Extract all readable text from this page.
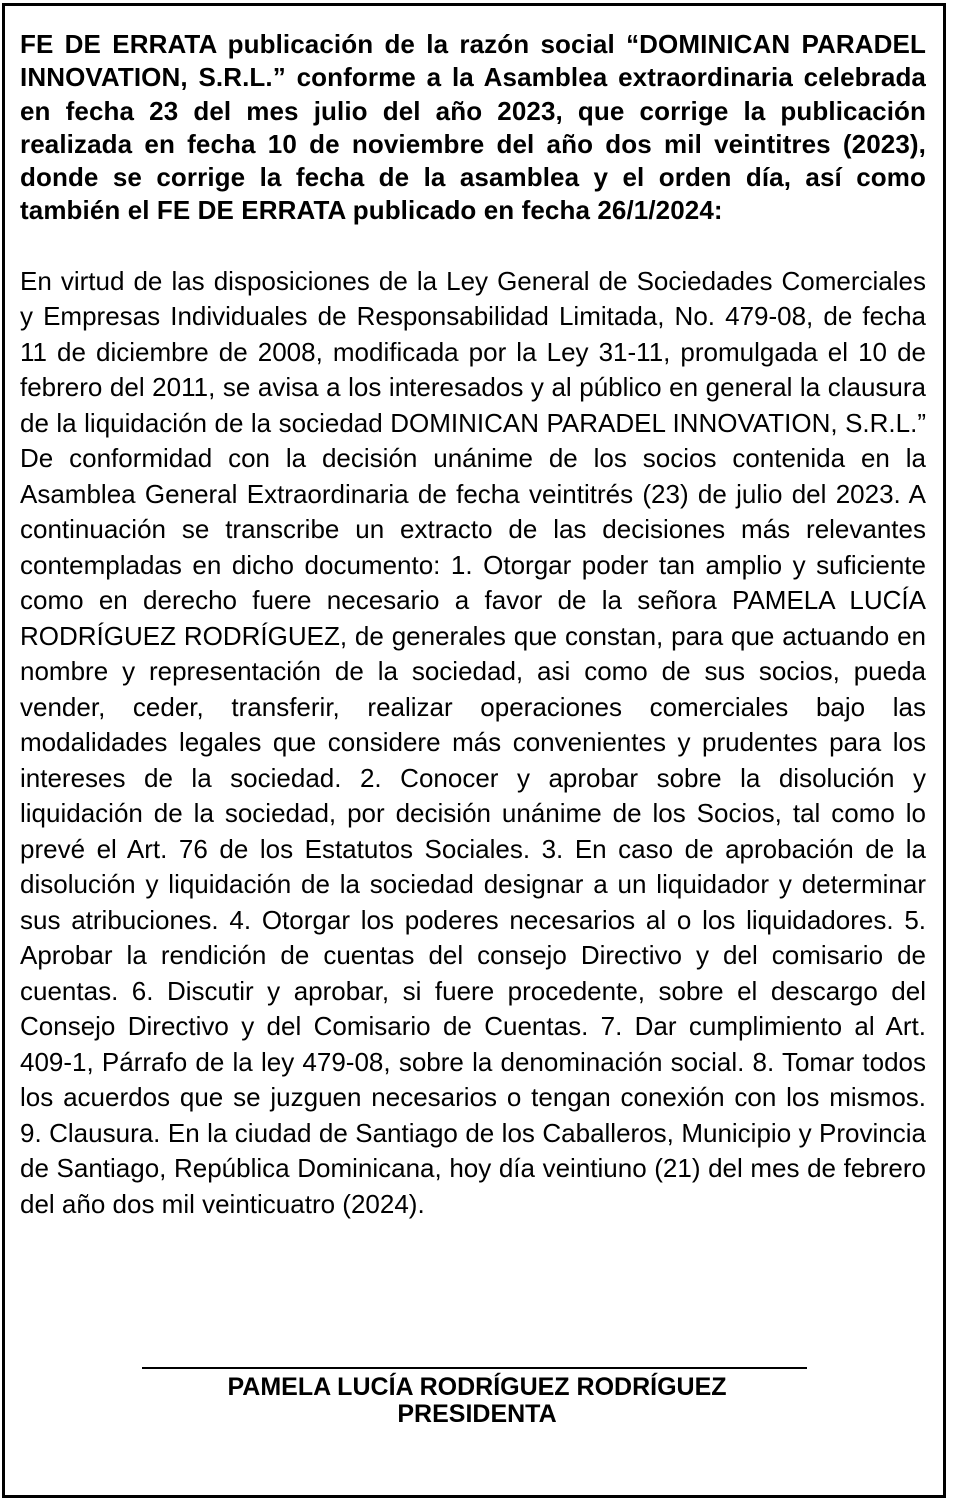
FE DE ERRATA publicación de la razón social “DOMINICAN PARADEL INNOVATION, S.R.L.” conforme a la Asamblea extraordinaria celebrada en fecha 23 del mes julio del año 2023, que corrige la publicación realizada en fecha 10 de noviembre del año dos mil veintitres (2023), donde se corrige la fecha de la asamblea y el orden día, así como también el FE DE ERRATA publicado en fecha 26/1/2024:

En virtud de las disposiciones de la Ley General de Sociedades Comerciales y Empresas Individuales de Responsabilidad Limitada, No. 479-08, de fecha 11 de diciembre de 2008, modificada por la Ley 31-11, promulgada el 10 de febrero del 2011, se avisa a los interesados y al público en general la clausura de la liquidación de la sociedad DOMINICAN PARADEL INNOVATION, S.R.L.” De conformidad con la decisión unánime de los socios contenida en la Asamblea General Extraordinaria de fecha veintitrés (23) de julio del 2023. A continuación se transcribe un extracto de las decisiones más relevantes contempladas en dicho documento: 1. Otorgar poder tan amplio y suficiente como en derecho fuere necesario a favor de la señora PAMELA LUCÍA RODRÍGUEZ RODRÍGUEZ, de generales que constan, para que actuando en nombre y representación de la sociedad, asi como de sus socios, pueda vender, ceder, transferir, realizar operaciones comerciales bajo las modalidades legales que considere más convenientes y prudentes para los intereses de la sociedad. 2. Conocer y aprobar sobre la disolución y liquidación de la sociedad, por decisión unánime de los Socios, tal como lo prevé el Art. 76 de los Estatutos Sociales. 3. En caso de aprobación de la disolución y liquidación de la sociedad designar a un liquidador y determinar sus atribuciones. 4. Otorgar los poderes necesarios al o los liquidadores. 5. Aprobar la rendición de cuentas del consejo Directivo y del comisario de cuentas. 6. Discutir y aprobar, si fuere procedente, sobre el descargo del Consejo Directivo y del Comisario de Cuentas. 7. Dar cumplimiento al Art. 409-1, Párrafo de la ley 479-08, sobre la denominación social. 8. Tomar todos los acuerdos que se juzguen necesarios o tengan conexión con los mismos. 9. Clausura. En la ciudad de Santiago de los Caballeros, Municipio y Provincia de Santiago, República Dominicana, hoy día veintiuno (21) del mes de febrero del año dos mil veinticuatro (2024).

PAMELA LUCÍA RODRÍGUEZ RODRÍGUEZ
PRESIDENTA
